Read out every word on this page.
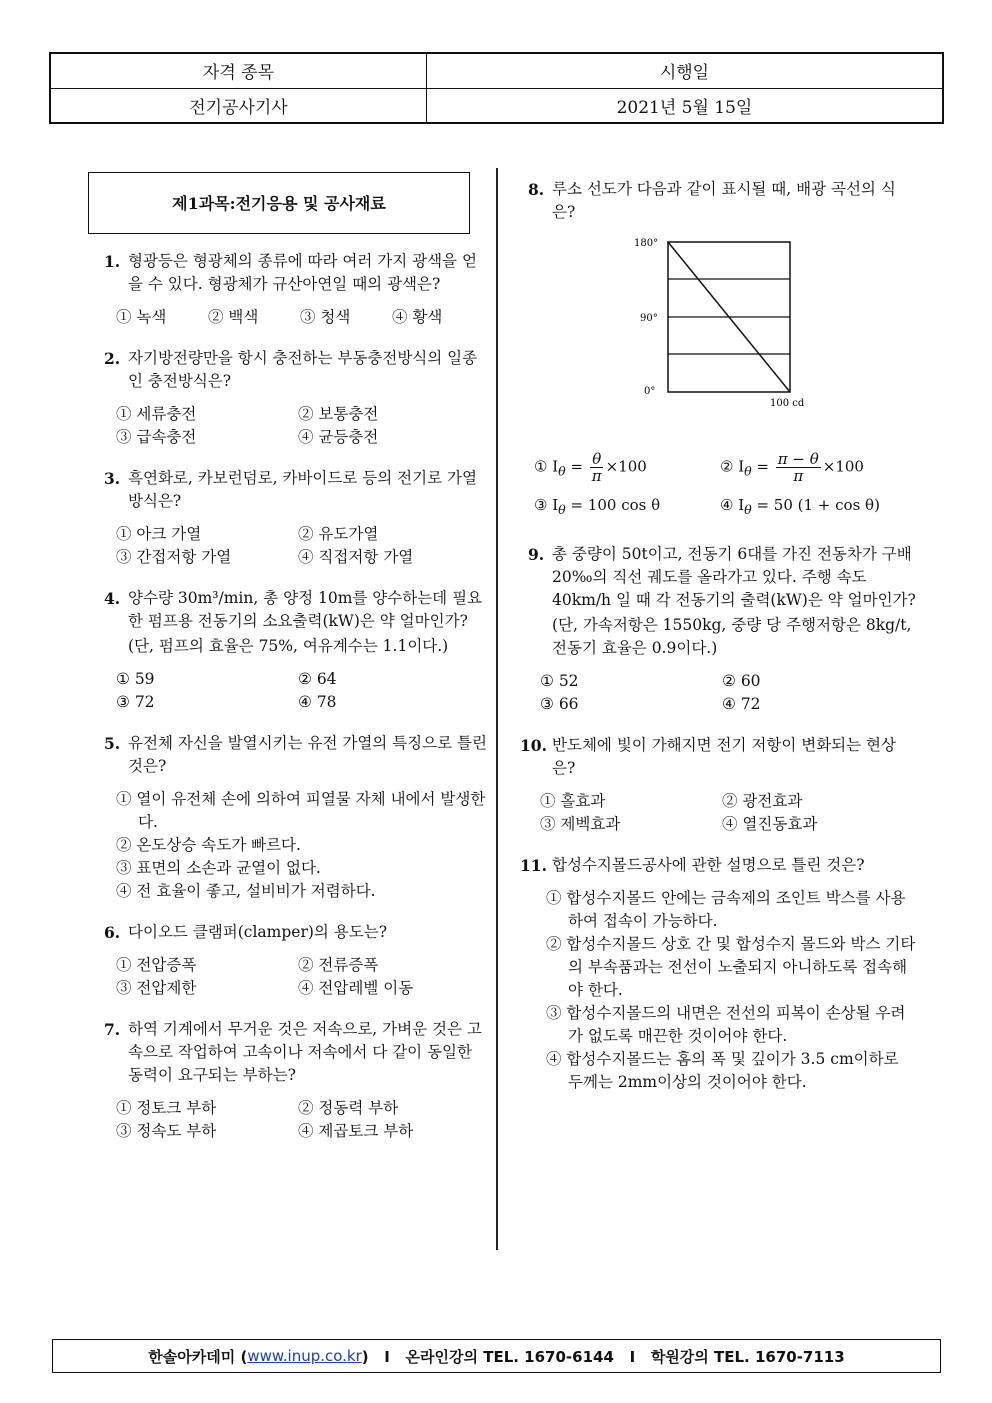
자격 종목	시행일
전기공사기사	2021년 5월 15일
제1과목:전기응용 및 공사재료
1. 형광등은 형광체의 종류에 따라 여러 가지 광색을 얻을 수 있다. 형광체가 규산아연일 때의 광색은?
① 녹색	② 백색	③ 청색	④ 황색
2. 자기방전량만을 항시 충전하는 부동충전방식의 일종인 충전방식은?
① 세류충전	② 보통충전
③ 급속충전	④ 균등충전
3. 흑연화로, 카보런덤로, 카바이드로 등의 전기로 가열방식은?
① 아크 가열	② 유도가열
③ 간접저항 가열	④ 직접저항 가열
4. 양수량 30m³/min, 총 양정 10m를 양수하는데 필요한 펌프용 전동기의 소요출력(kW)은 약 얼마인가?
(단, 펌프의 효율은 75%, 여유계수는 1.1이다.)
① 59	② 64
③ 72	④ 78
5. 유전체 자신을 발열시키는 유전 가열의 특징으로 틀린 것은?
① 열이 유전체 손에 의하여 피열물 자체 내에서 발생한다.
② 온도상승 속도가 빠르다.
③ 표면의 소손과 균열이 없다.
④ 전 효율이 좋고, 설비비가 저렴하다.
6. 다이오드 클램퍼(clamper)의 용도는?
① 전압증폭	② 전류증폭
③ 전압제한	④ 전압레벨 이동
7. 하역 기계에서 무거운 것은 저속으로, 가벼운 것은 고속으로 작업하여 고속이나 저속에서 다 같이 동일한 동력이 요구되는 부하는?
① 정토크 부하	② 정동력 부하
③ 정속도 부하	④ 제곱토크 부하
8. 루소 선도가 다음과 같이 표시될 때, 배광 곡선의 식은?
180°
90°
0°
100 cd
① $I_\theta = \frac{\theta}{\pi} \times 100$	② $I_\theta = \frac{\pi - \theta}{\pi} \times 100$
③ $I_\theta = 100$ cos θ	④ $I_\theta = 50$ (1 + cos θ)
9. 총 중량이 50t이고, 전동기 6대를 가진 전동차가 구배 20‰의 직선 궤도를 올라가고 있다. 주행 속도 40km/h 일 때 각 전동기의 출력(kW)은 약 얼마인가?
(단, 가속저항은 1550kg, 중량 당 주행저항은 8kg/t, 전동기 효율은 0.9이다.)
① 52	② 60
③ 66	④ 72
10. 반도체에 빛이 가해지면 전기 저항이 변화되는 현상은?
① 홀효과	② 광전효과
③ 제벡효과	④ 열진동효과
11. 합성수지몰드공사에 관한 설명으로 틀린 것은?
① 합성수지몰드 안에는 금속제의 조인트 박스를 사용하여 접속이 가능하다.
② 합성수지몰드 상호 간 및 합성수지 몰드와 박스 기타의 부속품과는 전선이 노출되지 아니하도록 접속해야 한다.
③ 합성수지몰드의 내면은 전선의 피복이 손상될 우려가 없도록 매끈한 것이어야 한다.
④ 합성수지몰드는 홈의 폭 및 깊이가 3.5 cm이하로 두께는 2mm이상의 것이어야 한다.
한솔아카데미 ( www.inup.co.kr )   I   온라인강의 TEL. 1670-6144   I   학원강의 TEL. 1670-7113
